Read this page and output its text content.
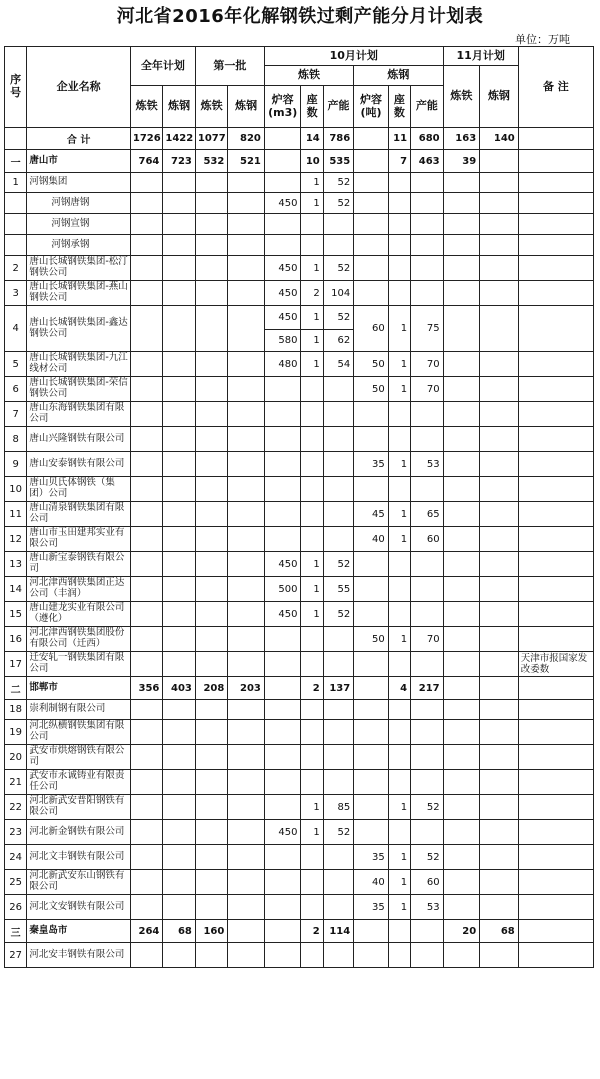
河北省2016年化解钢铁过剩产能分月计划表
单位：万吨
序号	企业名称	全年计划		第一批		10月计划						11月计划		备 注
						炼铁			炼钢			炼铁	炼钢	
		炼铁	炼钢	炼铁	炼钢	炉容(m3)	座数	产能	炉容(吨)	座数	产能			
	合 计	1726	1422	1077	820		14	786		11	680	163	140	
一	唐山市	764	723	532	521		10	535		7	463	39		
1	河钢集团						1	52						
	河钢唐钢					450	1	52						
	河钢宣钢													
	河钢承钢													
2	唐山长城钢铁集团-松汀钢铁公司					450	1	52						
3	唐山长城钢铁集团-燕山钢铁公司					450	2	104						
4	唐山长城钢铁集团-鑫达钢铁公司					450	1	52	60	1	75			
						580	1	62						
5	唐山长城钢铁集团-九江线材公司					480	1	54	50	1	70			
6	唐山长城钢铁集团-荣信钢铁公司								50	1	70			
7	唐山东海钢铁集团有限公司													
8	唐山兴隆钢铁有限公司													
9	唐山安泰钢铁有限公司								35	1	53			
10	唐山贝氏体钢铁（集团）公司													
11	唐山清泉钢铁集团有限公司								45	1	65			
12	唐山市玉田建邦实业有限公司								40	1	60			
13	唐山新宝泰钢铁有限公司					450	1	52						
14	河北津西钢铁集团正达公司（丰润）					500	1	55						
15	唐山建龙实业有限公司（遵化）					450	1	52						
16	河北津西钢铁集团股份有限公司（迁西）								50	1	70			
17	迁安轧一钢铁集团有限公司													天津市报国家发改委数
二	邯郸市	356	403	208	203		2	137		4	217			
18	崇利制钢有限公司													
19	河北纵横钢铁集团有限公司													
20	武安市烘熔钢铁有限公司													
21	武安市永诚铸业有限责任公司													
22	河北新武安普阳钢铁有限公司						1	85		1	52			
23	河北新金钢铁有限公司					450	1	52						
24	河北文丰钢铁有限公司								35	1	52			
25	河北新武安东山钢铁有限公司								40	1	60			
26	河北文安钢铁有限公司								35	1	53			
三	秦皇岛市	264	68	160			2	114				20	68	
27	河北安丰钢铁有限公司													
